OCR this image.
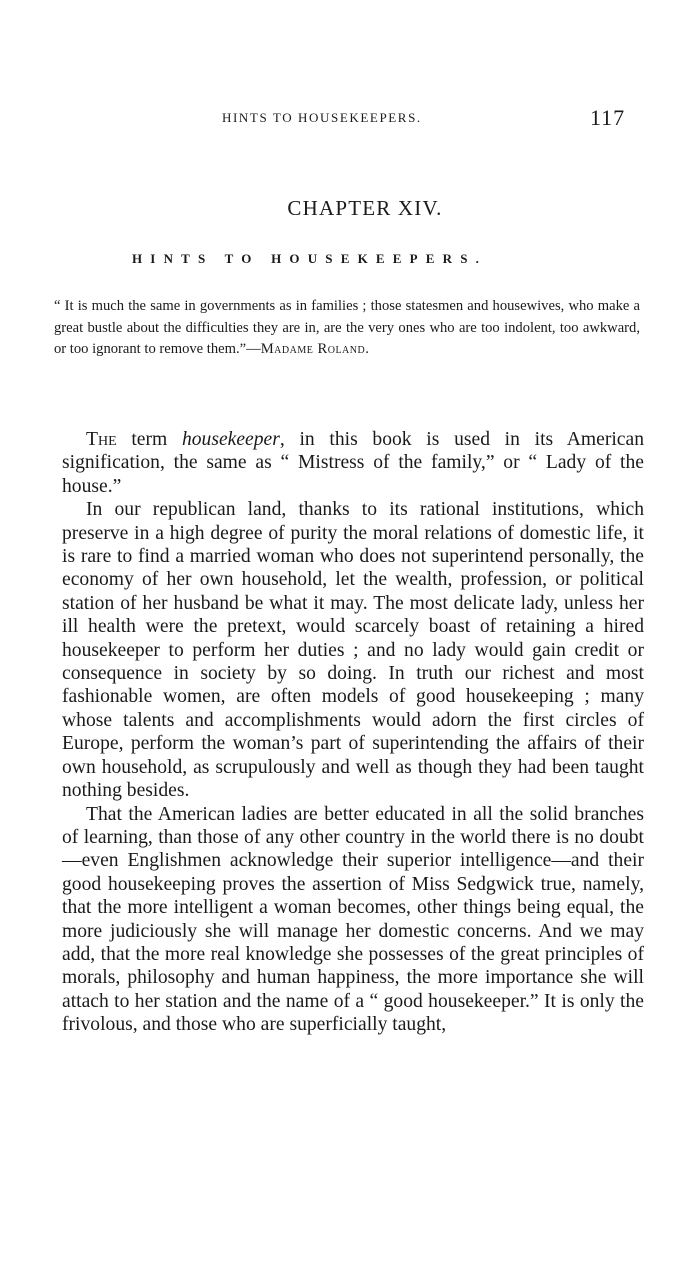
HINTS TO HOUSEKEEPERS.	117
CHAPTER XIV.
HINTS TO HOUSEKEEPERS.
“ It is much the same in governments as in families ; those statesmen and housewives, who make a great bustle about the difficulties they are in, are the very ones who are too indolent, too awkward, or too ignorant to remove them.”—Madame Roland.

The term housekeeper, in this book is used in its American signification, the same as “ Mistress of the family,” or “ Lady of the house.”

In our republican land, thanks to its rational institutions, which preserve in a high degree of purity the moral relations of domestic life, it is rare to find a married woman who does not superintend personally, the economy of her own household, let the wealth, profession, or political station of her husband be what it may. The most delicate lady, unless her ill health were the pretext, would scarcely boast of retaining a hired housekeeper to perform her duties ; and no lady would gain credit or consequence in society by so doing. In truth our richest and most fashionable women, are often models of good housekeeping ; many whose talents and accomplishments would adorn the first circles of Europe, perform the woman’s part of superintending the affairs of their own household, as scrupulously and well as though they had been taught nothing besides.

That the American ladies are better educated in all the solid branches of learning, than those of any other country in the world there is no doubt—even Englishmen acknowledge their superior intelligence—and their good housekeeping proves the assertion of Miss Sedgwick true, namely, that the more intelligent a woman becomes, other things being equal, the more judiciously she will manage her domestic concerns. And we may add, that the more real knowledge she possesses of the great principles of morals, philosophy and human happiness, the more importance she will attach to her station and the name of a “ good housekeeper.” It is only the frivolous, and those who are superficially taught,
